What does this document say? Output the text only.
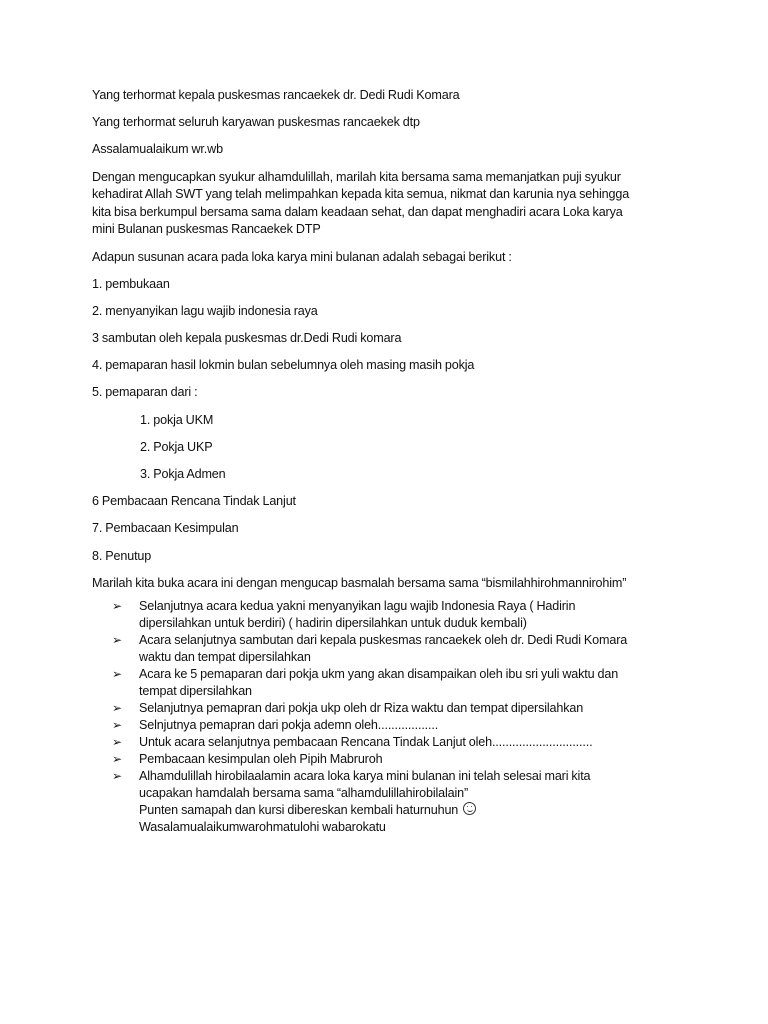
Yang terhormat kepala puskesmas rancaekek dr. Dedi Rudi Komara

Yang terhormat seluruh karyawan puskesmas rancaekek dtp

Assalamualaikum wr.wb

Dengan mengucapkan syukur alhamdulillah, marilah kita bersama sama memanjatkan puji syukur
kehadirat Allah SWT yang telah melimpahkan kepada kita semua, nikmat dan karunia nya sehingga
kita bisa berkumpul bersama sama dalam keadaan sehat, dan dapat menghadiri acara Loka karya
mini Bulanan puskesmas Rancaekek DTP

Adapun susunan acara pada loka karya mini bulanan adalah sebagai berikut :

1. pembukaan

2. menyanyikan lagu wajib indonesia raya

3 sambutan oleh kepala puskesmas dr.Dedi Rudi komara

4. pemaparan hasil lokmin bulan sebelumnya oleh masing masih pokja

5. pemaparan dari :

1. pokja UKM

2. Pokja UKP

3. Pokja Admen

6 Pembacaan Rencana Tindak Lanjut

7. Pembacaan Kesimpulan

8. Penutup

Marilah kita buka acara ini dengan mengucap basmalah bersama sama “bismilahhirohmannirohim”

➢ Selanjutnya acara kedua yakni menyanyikan lagu wajib Indonesia Raya ( Hadirin
dipersilahkan untuk berdiri) ( hadirin dipersilahkan untuk duduk kembali)
➢ Acara selanjutnya sambutan dari kepala puskesmas rancaekek oleh dr. Dedi Rudi Komara
waktu dan tempat dipersilahkan
➢ Acara ke 5 pemaparan dari pokja ukm yang akan disampaikan oleh ibu sri yuli waktu dan
tempat dipersilahkan
➢ Selanjutnya pemapran dari pokja ukp oleh dr Riza waktu dan tempat dipersilahkan
➢ Selnjutnya pemapran dari pokja ademn oleh..................
➢ Untuk acara selanjutnya pembacaan Rencana Tindak Lanjut oleh..............................
➢ Pembacaan kesimpulan oleh Pipih Mabruroh
➢ Alhamdulillah hirobilaalamin acara loka karya mini bulanan ini telah selesai mari kita
ucapakan hamdalah bersama sama “alhamdulillahirobilalain”
Punten samapah dan kursi dibereskan kembali haturnuhun
Wasalamualaikumwarohmatulohi wabarokatu
